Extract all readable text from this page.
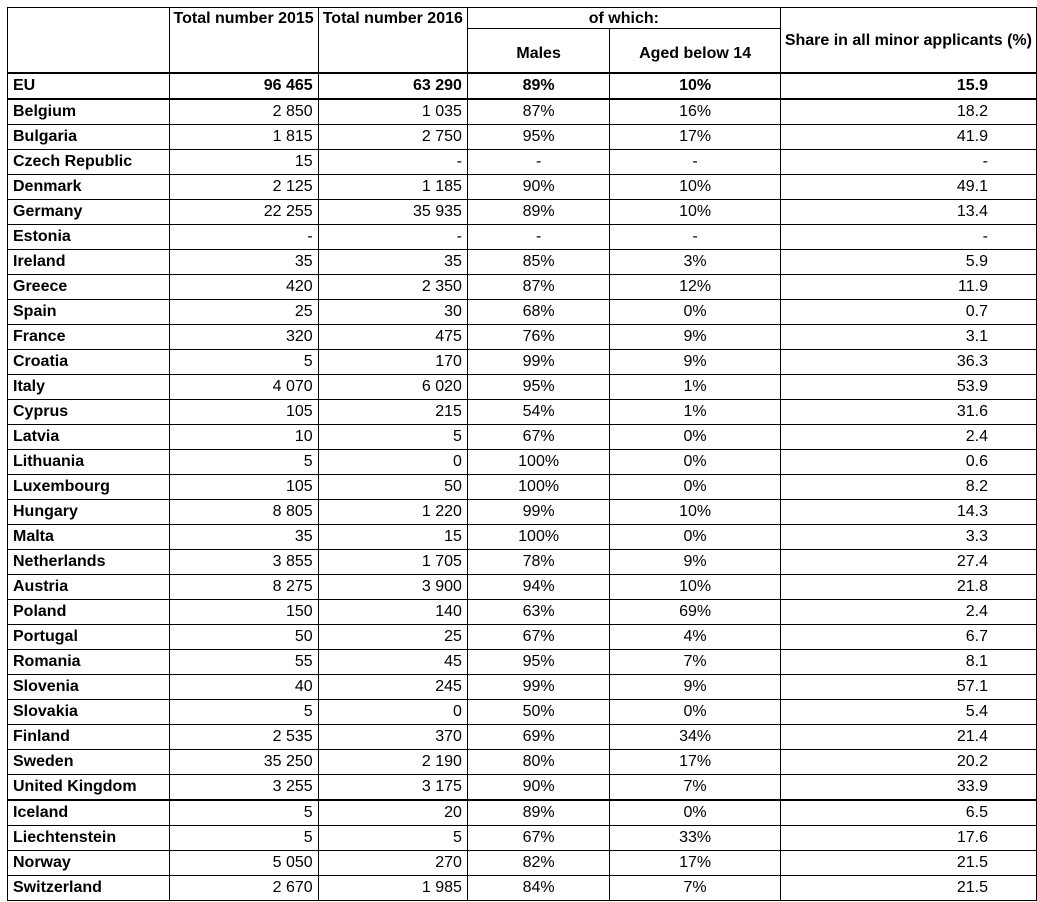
	Total number 2015	Total number 2016	of which:		Share in all minor applicants (%)
			Males	Aged below 14	
EU	96 465	63 290	89%	10%	15.9
Belgium	2 850	1 035	87%	16%	18.2
Bulgaria	1 815	2 750	95%	17%	41.9
Czech Republic	15	-	-	-	-
Denmark	2 125	1 185	90%	10%	49.1
Germany	22 255	35 935	89%	10%	13.4
Estonia	-	-	-	-	-
Ireland	35	35	85%	3%	5.9
Greece	420	2 350	87%	12%	11.9
Spain	25	30	68%	0%	0.7
France	320	475	76%	9%	3.1
Croatia	5	170	99%	9%	36.3
Italy	4 070	6 020	95%	1%	53.9
Cyprus	105	215	54%	1%	31.6
Latvia	10	5	67%	0%	2.4
Lithuania	5	0	100%	0%	0.6
Luxembourg	105	50	100%	0%	8.2
Hungary	8 805	1 220	99%	10%	14.3
Malta	35	15	100%	0%	3.3
Netherlands	3 855	1 705	78%	9%	27.4
Austria	8 275	3 900	94%	10%	21.8
Poland	150	140	63%	69%	2.4
Portugal	50	25	67%	4%	6.7
Romania	55	45	95%	7%	8.1
Slovenia	40	245	99%	9%	57.1
Slovakia	5	0	50%	0%	5.4
Finland	2 535	370	69%	34%	21.4
Sweden	35 250	2 190	80%	17%	20.2
United Kingdom	3 255	3 175	90%	7%	33.9
Iceland	5	20	89%	0%	6.5
Liechtenstein	5	5	67%	33%	17.6
Norway	5 050	270	82%	17%	21.5
Switzerland	2 670	1 985	84%	7%	21.5
